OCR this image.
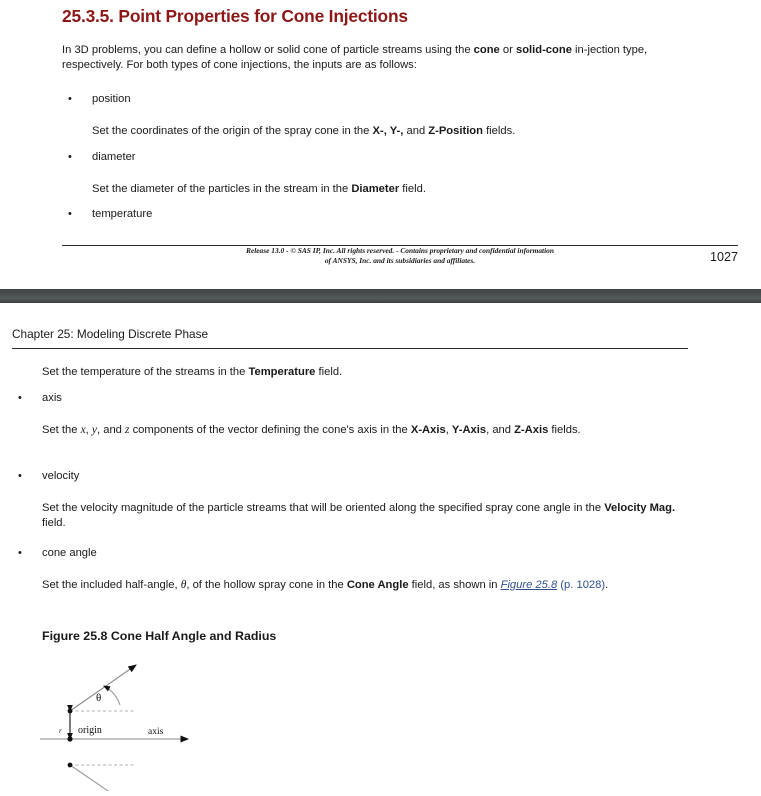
25.3.5. Point Properties for Cone Injections
In 3D problems, you can define a hollow or solid cone of particle streams using the cone or solid-cone in-jection type, respectively. For both types of cone injections, the inputs are as follows:
• position
Set the coordinates of the origin of the spray cone in the X-, Y-, and Z-Position fields.
• diameter
Set the diameter of the particles in the stream in the Diameter field.
• temperature
Release 13.0 - © SAS IP, Inc. All rights reserved. - Contains proprietary and confidential information
of ANSYS, Inc. and its subsidiaries and affiliates.	1027
Chapter 25: Modeling Discrete Phase
Set the temperature of the streams in the Temperature field.
• axis
Set the x, y, and z components of the vector defining the cone's axis in the X-Axis, Y-Axis, and Z-Axis fields.
• velocity
Set the velocity magnitude of the particle streams that will be oriented along the specified spray cone angle in the Velocity Mag. field.
• cone angle
Set the included half-angle, θ, of the hollow spray cone in the Cone Angle field, as shown in Figure 25.8 (p. 1028).
Figure 25.8 Cone Half Angle and Radius
θ
r origin	axis
